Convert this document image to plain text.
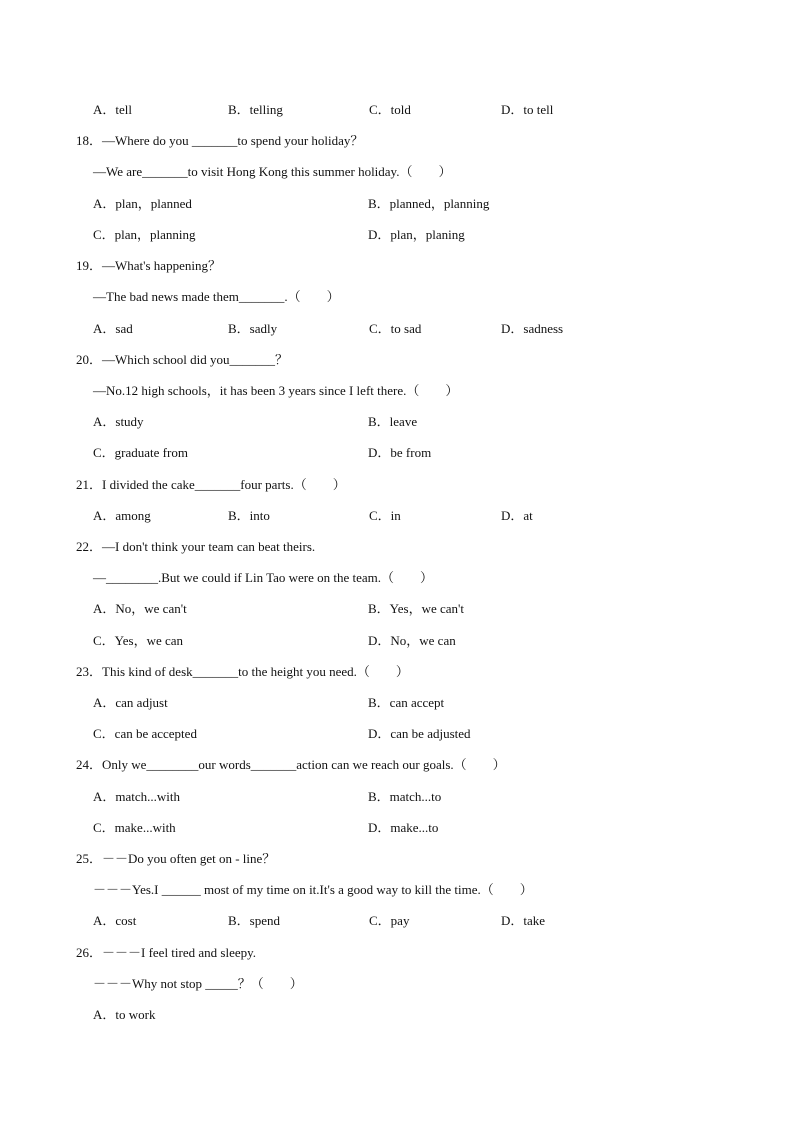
A．tell	B．telling	C．told	D．to tell
18．—Where do you _______to spend your holiday？
—We are_______to visit Hong Kong this summer holiday.（　　）
A．plan，planned	B．planned，planning
C．plan，planning	D．plan，planing
19．—What's happening？
—The bad news made them_______.（　　）
A．sad	B．sadly	C．to sad	D．sadness
20．—Which school did you_______？
—No.12 high schools，it has been 3 years since I left there.（　　）
A．study	B．leave
C．graduate from	D．be from
21．I divided the cake_______four parts.（　　）
A．among	B．into	C．in	D．at
22．—I don't think your team can beat theirs.
—________.But we could if Lin Tao were on the team.（　　）
A．No，we can't	B．Yes，we can't
C．Yes，we can	D．No，we can
23．This kind of desk_______to the height you need.（　　）
A．can adjust	B．can accept
C．can be accepted	D．can be adjusted
24．Only we________our words_______action can we reach our goals.（　　）
A．match...with	B．match...to
C．make...with	D．make...to
25．－－Do you often get on - line？
－－－Yes.I ______ most of my time on it.It's a good way to kill the time.（　　）
A．cost	B．spend	C．pay	D．take
26．－－－I feel tired and sleepy.
－－－Why not stop _____？（　　）
A．to work
